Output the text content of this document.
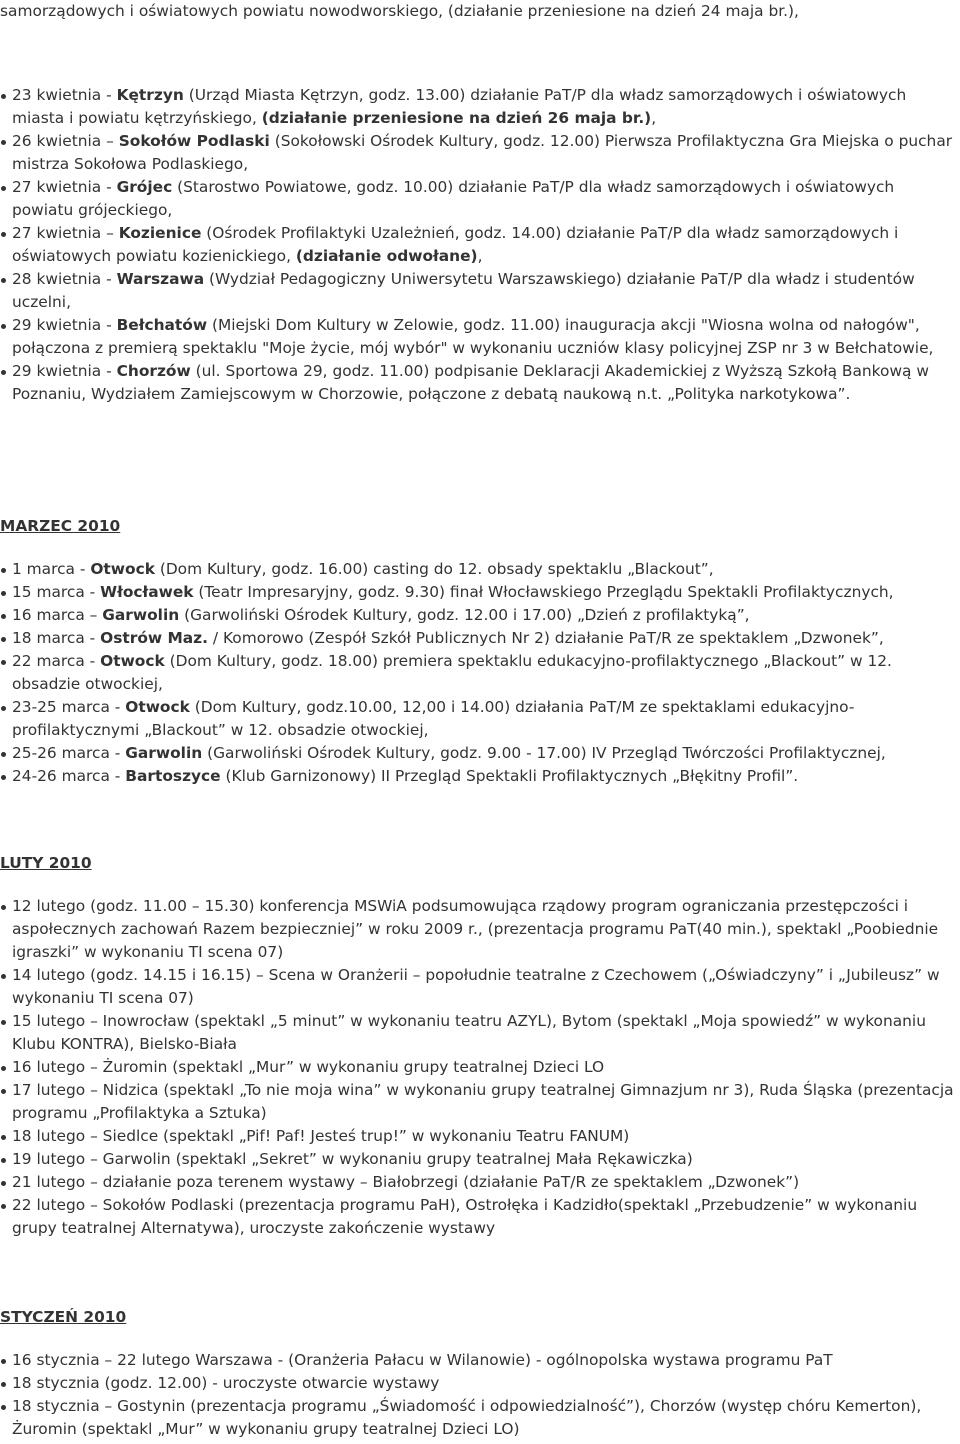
samorządowych i oświatowych powiatu nowodworskiego, (działanie przeniesione na dzień 24 maja br.),

23 kwietnia - Kętrzyn (Urząd Miasta Kętrzyn, godz. 13.00) działanie PaT/P dla władz samorządowych i oświatowych miasta i powiatu kętrzyńskiego, (działanie przeniesione na dzień 26 maja br.),
26 kwietnia – Sokołów Podlaski (Sokołowski Ośrodek Kultury, godz. 12.00) Pierwsza Profilaktyczna Gra Miejska o puchar mistrza Sokołowa Podlaskiego,
27 kwietnia - Grójec (Starostwo Powiatowe, godz. 10.00) działanie PaT/P dla władz samorządowych i oświatowych powiatu grójeckiego,
27 kwietnia – Kozienice (Ośrodek Profilaktyki Uzależnień, godz. 14.00) działanie PaT/P dla władz samorządowych i oświatowych powiatu kozienickiego, (działanie odwołane),
28 kwietnia - Warszawa (Wydział Pedagogiczny Uniwersytetu Warszawskiego) działanie PaT/P dla władz i studentów uczelni,
29 kwietnia - Bełchatów (Miejski Dom Kultury w Zelowie, godz. 11.00) inauguracja akcji "Wiosna wolna od nałogów", połączona z premierą spektaklu "Moje życie, mój wybór" w wykonaniu uczniów klasy policyjnej ZSP nr 3 w Bełchatowie,
29 kwietnia - Chorzów (ul. Sportowa 29, godz. 11.00) podpisanie Deklaracji Akademickiej z Wyższą Szkołą Bankową w Poznaniu, Wydziałem Zamiejscowym w Chorzowie, połączone z debatą naukową n.t. „Polityka narkotykowa”.
MARZEC 2010
1 marca - Otwock (Dom Kultury, godz. 16.00) casting do 12. obsady spektaklu „Blackout”,
15 marca - Włocławek (Teatr Impresaryjny, godz. 9.30) finał Włocławskiego Przeglądu Spektakli Profilaktycznych,
16 marca – Garwolin (Garwoliński Ośrodek Kultury, godz. 12.00 i 17.00) „Dzień z profilaktyką”,
18 marca - Ostrów Maz. / Komorowo (Zespół Szkół Publicznych Nr 2) działanie PaT/R ze spektaklem „Dzwonek”,
22 marca - Otwock (Dom Kultury, godz. 18.00) premiera spektaklu edukacyjno-profilaktycznego „Blackout” w 12. obsadzie otwockiej,
23-25 marca - Otwock (Dom Kultury, godz.10.00, 12,00 i 14.00) działania PaT/M ze spektaklami edukacyjno-profilaktycznymi „Blackout” w 12. obsadzie otwockiej,
25-26 marca - Garwolin (Garwoliński Ośrodek Kultury, godz. 9.00 - 17.00) IV Przegląd Twórczości Profilaktycznej,
24-26 marca - Bartoszyce (Klub Garnizonowy) II Przegląd Spektakli Profilaktycznych „Błękitny Profil”.
LUTY 2010
12 lutego (godz. 11.00 – 15.30) konferencja MSWiA podsumowująca rządowy program ograniczania przestępczości i aspołecznych zachowań Razem bezpieczniej” w roku 2009 r., (prezentacja programu PaT(40 min.), spektakl „Poobiednie igraszki” w wykonaniu TI scena 07)
14 lutego (godz. 14.15 i 16.15) – Scena w Oranżerii – popołudnie teatralne z Czechowem („Oświadczyny” i „Jubileusz” w wykonaniu TI scena 07)
15 lutego – Inowrocław (spektakl „5 minut” w wykonaniu teatru AZYL), Bytom (spektakl „Moja spowiedź” w wykonaniu Klubu KONTRA), Bielsko-Biała
16 lutego – Żuromin (spektakl „Mur” w wykonaniu grupy teatralnej Dzieci LO
17 lutego – Nidzica (spektakl „To nie moja wina” w wykonaniu grupy teatralnej Gimnazjum nr 3), Ruda Śląska (prezentacja programu „Profilaktyka a Sztuka)
18 lutego – Siedlce (spektakl „Pif! Paf! Jesteś trup!” w wykonaniu Teatru FANUM)
19 lutego – Garwolin (spektakl „Sekret” w wykonaniu grupy teatralnej Mała Rękawiczka)
21 lutego – działanie poza terenem wystawy – Białobrzegi (działanie PaT/R ze spektaklem „Dzwonek”)
22 lutego – Sokołów Podlaski (prezentacja programu PaH), Ostrołęka i Kadzidło(spektakl „Przebudzenie” w wykonaniu grupy teatralnej Alternatywa), uroczyste zakończenie wystawy
STYCZEŃ 2010
16 stycznia – 22 lutego Warszawa - (Oranżeria Pałacu w Wilanowie) - ogólnopolska wystawa programu PaT
18 stycznia (godz. 12.00) - uroczyste otwarcie wystawy
18 stycznia – Gostynin (prezentacja programu „Świadomość i odpowiedzialność”), Chorzów (występ chóru Kemerton), Żuromin (spektakl „Mur” w wykonaniu grupy teatralnej Dzieci LO)
